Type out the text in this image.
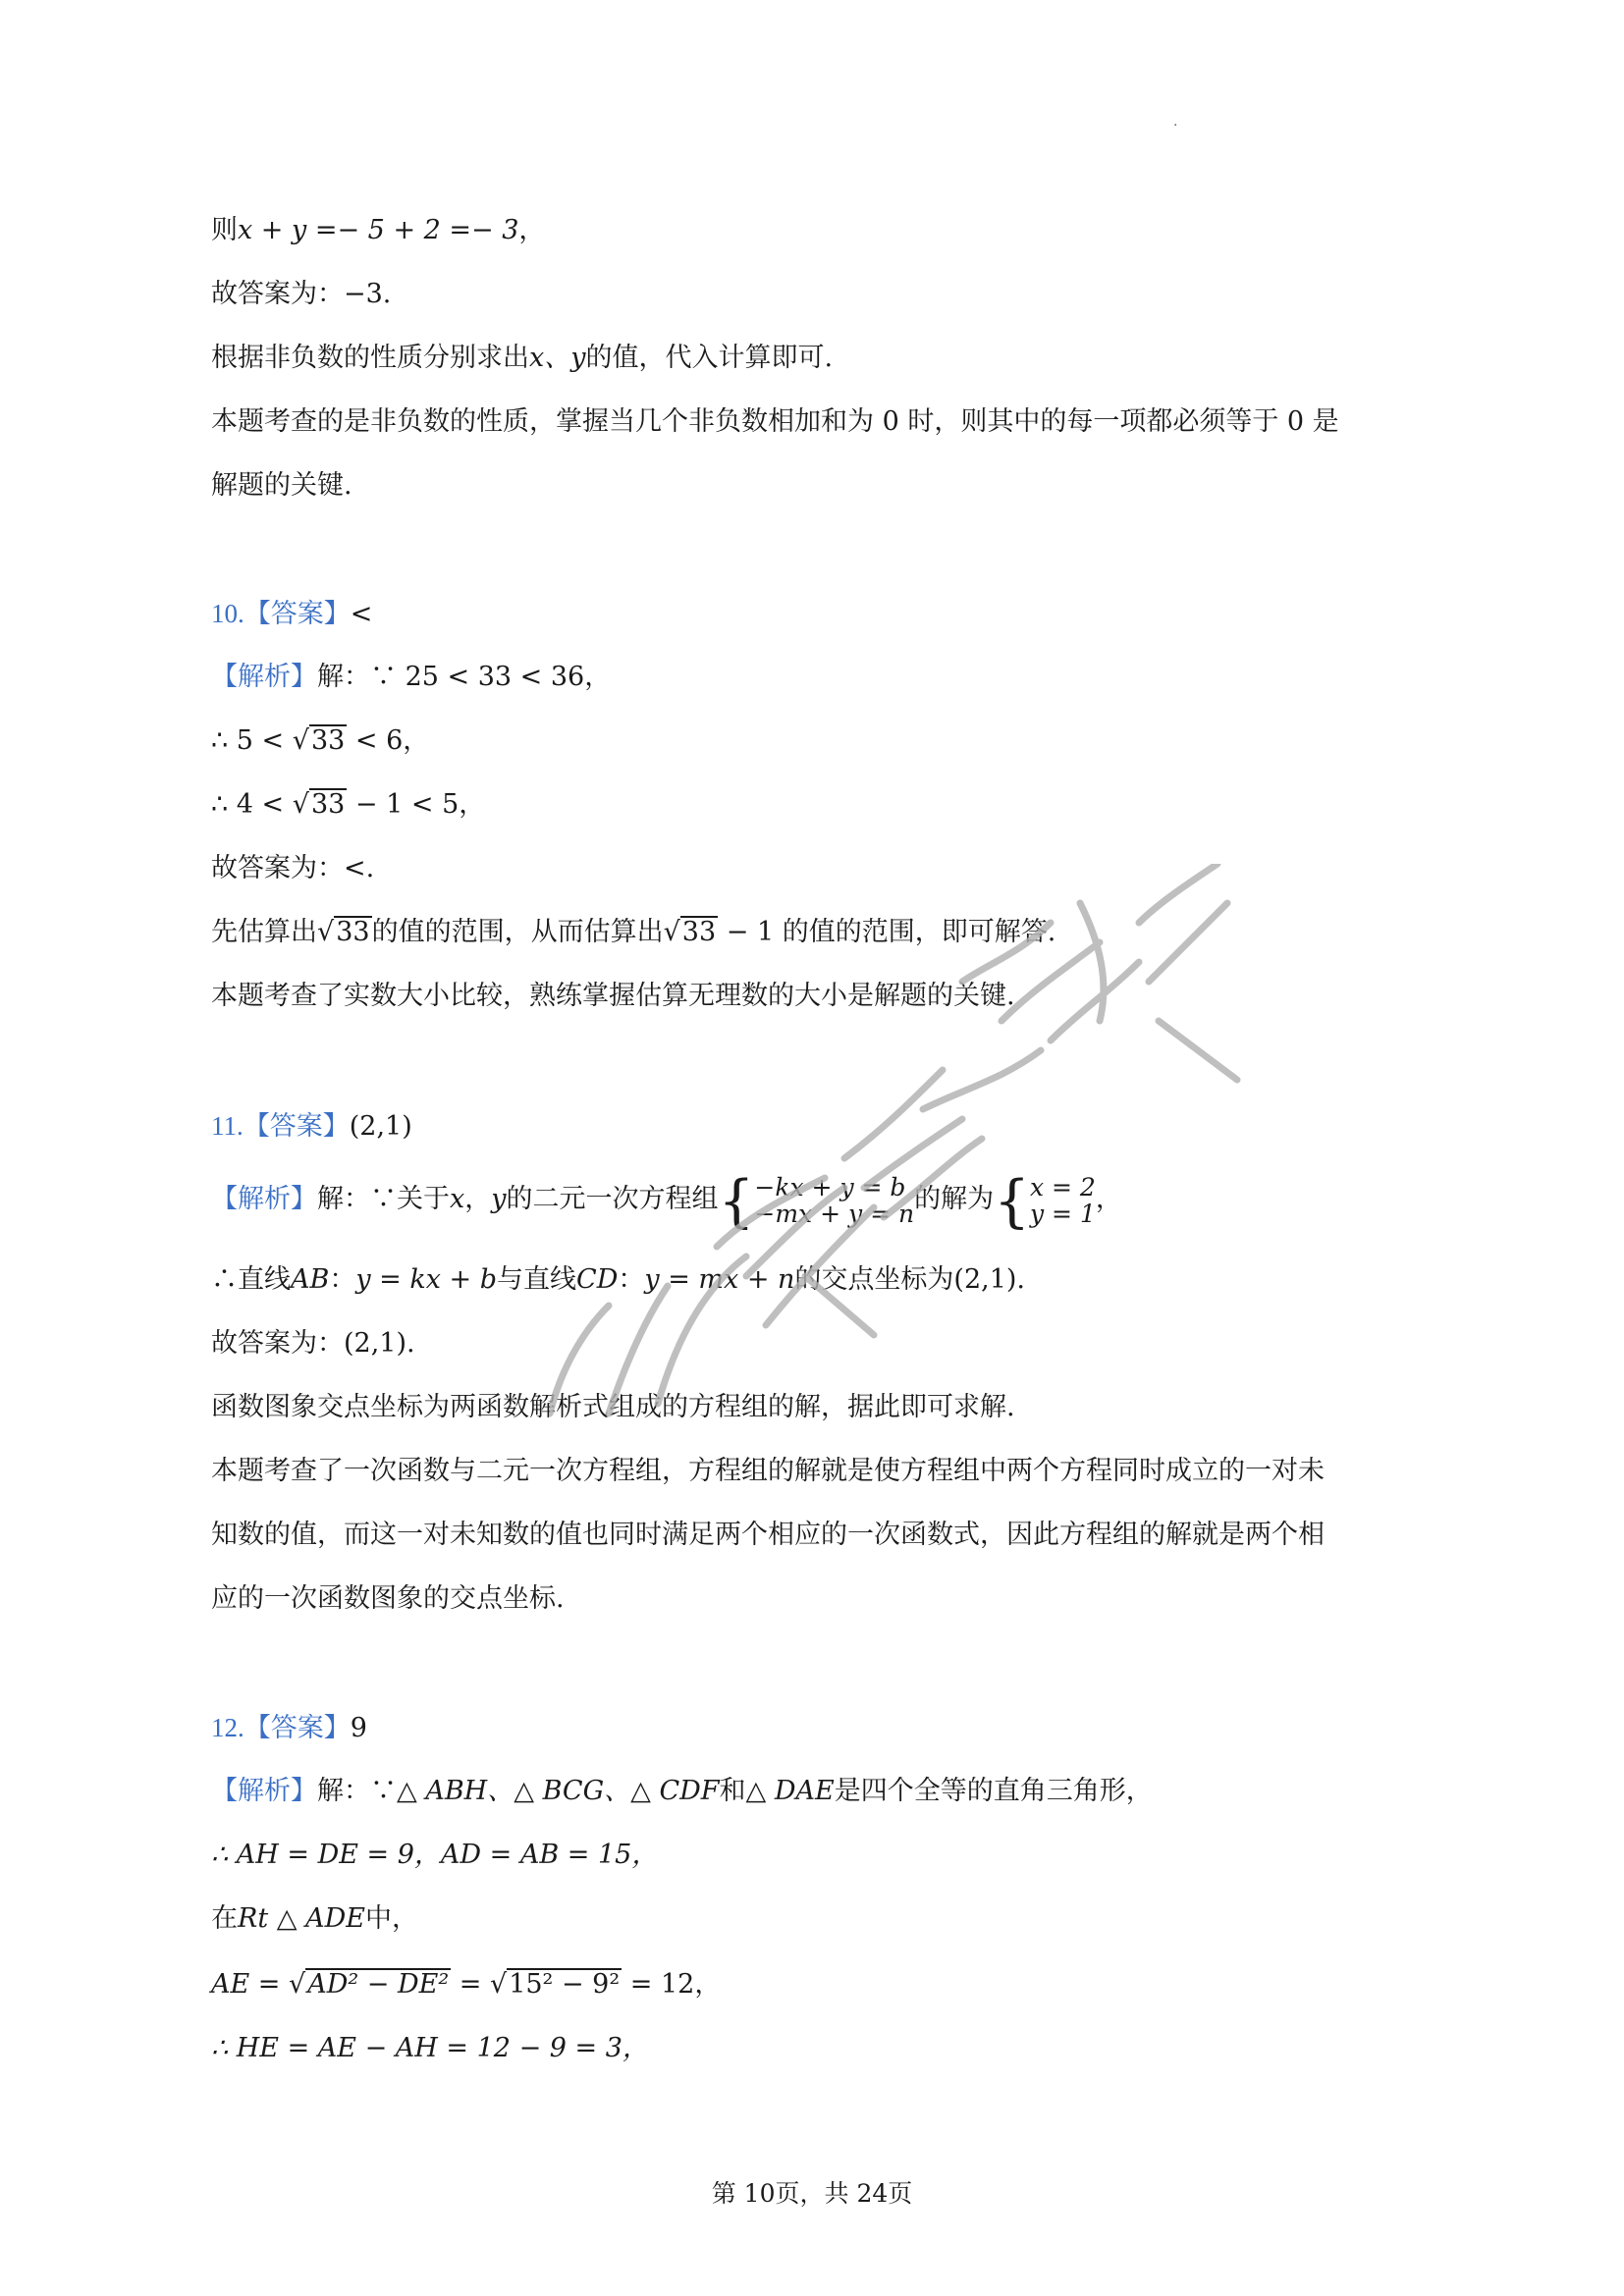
·
则x + y =− 5 + 2 =− 3，
故答案为：−3.
根据非负数的性质分别求出x、y的值，代入计算即可.
本题考查的是非负数的性质，掌握当几个非负数相加和为 0 时，则其中的每一项都必须等于 0 是
解题的关键.
10.【答案】<
【解析】解：∵ 25 < 33 < 36，
∴ 5 < √33 < 6，
∴ 4 < √33 − 1 < 5，
故答案为：<.
先估算出√33的值的范围，从而估算出√33 − 1 的值的范围，即可解答.
本题考查了实数大小比较，熟练掌握估算无理数的大小是解题的关键.
11.【答案】(2,1)
【解析】解：∵关于x，y的二元一次方程组{ −kx + y = b
−mx + y = n 的解为{ x = 2
y = 1 ，
∴直线AB：y = kx + b与直线CD：y = mx + n的交点坐标为(2,1).
故答案为：(2,1).
函数图象交点坐标为两函数解析式组成的方程组的解，据此即可求解.
本题考查了一次函数与二元一次方程组，方程组的解就是使方程组中两个方程同时成立的一对未
知数的值，而这一对未知数的值也同时满足两个相应的一次函数式，因此方程组的解就是两个相
应的一次函数图象的交点坐标.
12.【答案】9
【解析】解：∵△ ABH、△ BCG、△ CDF和△ DAE是四个全等的直角三角形，
∴ AH = DE = 9，AD = AB = 15，
在Rt △ ADE中，
AE = √AD² − DE² = √15² − 9² = 12，
∴ HE = AE − AH = 12 − 9 = 3，
第 10页，共 24页
